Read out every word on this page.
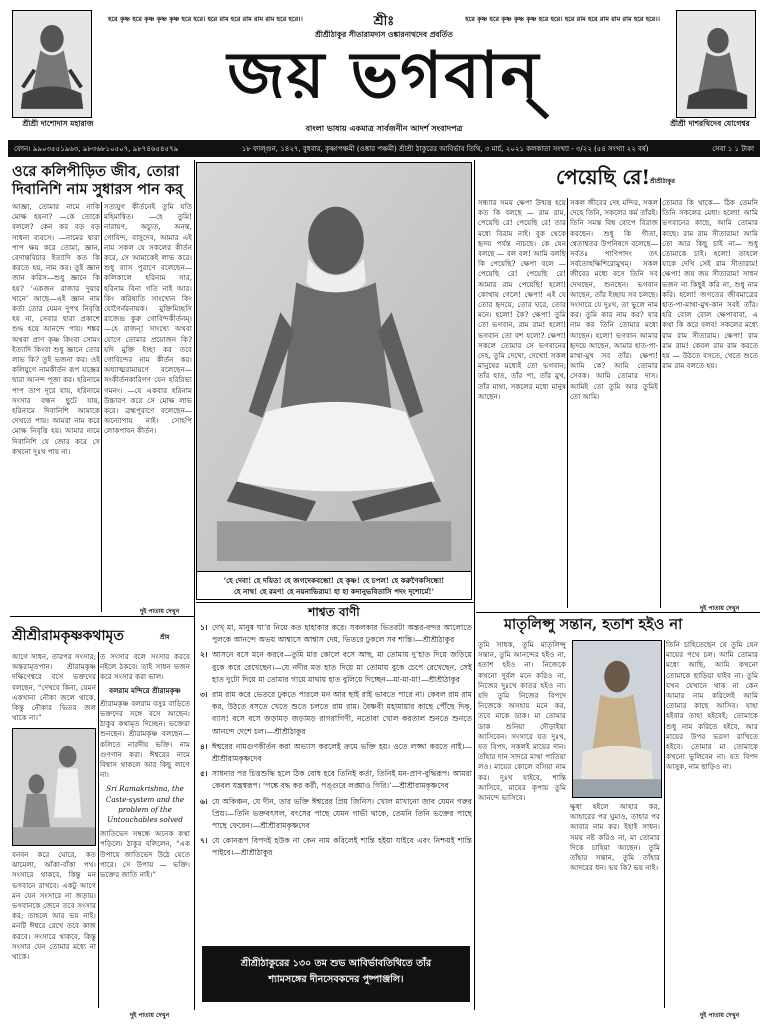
শ্রীশ্রী দাশোদাস মহারাজ	শ্রীশ্রী দাশরথিদেব যোগেশ্বর
হরে কৃষ্ণ হরে কৃষ্ণ কৃষ্ণ কৃষ্ণ হরে হরে। হরে রাম হরে রাম রাম রাম হরে হরে।।	হরে কৃষ্ণ হরে কৃষ্ণ কৃষ্ণ কৃষ্ণ হরে হরে। হরে রাম হরে রাম রাম রাম হরে হরে।।
শ্রীঃ
শ্রীশ্রীঠাকুর সীতারামদাস ওঙ্কারনাথদেব প্রবর্তিত
জয় ভগবান্
বাংলা ভাষায় একমাত্র সার্বজনীন আদর্শ সংবাদপত্র
ফোন। ৯৯০৩৫৫১৯৬৩, ৯৮৩৬৮১০৫০৭, ৯৮৭৪৬৫৪৫৭৯	১৮ ফাল্গুন, ১৪২৭, বুধবার, কৃষ্ণাপঞ্চমী (ওঙ্কার পঞ্চমী) শ্রীশ্রী ঠাকুরের আবির্ভাব তিথি, ৩ মার্চ, ২০২১ কলকাতা সংখ্যা - ৩/২২ (৫৪ সংখ্যা ২২ বর্ষ)	সেবা ১ ১ টাকা
ওরে কলিপীড়িত জীব, তোরা দিবানিশি নাম সুধারস পান কর্
আজ্ঞা, তোমার নামে নাকি মোক্ষ হয়না? —কে তোকে বললে? কেন কর বড় বড় সাধনা ব্যবসে। —নামের দ্বারা পাপ ক্ষয় করে তোমা, জ্ঞান, বেদান্তবিচার ইত্যাদি কত কি করতে হয়, নাম কর। তুই জ্ঞান জান করিস—শুধু জ্ঞানে কি হয়? ‘একজন রাজার দুয়ার খানে’ আছে—এই জ্ঞান নাম কর্তা তোর যেমন দুপথ নিবৃত্তি হয় না, সেবার দ্বারা প্রকাশে শুদ্ধ হয়ে আনন্দে পায়। শঙ্কর অথবা প্রাণ কৃষ্ণ কিংবা সোমং ইত্যাদি কিংবা শুধু জ্ঞানে তোর লাভ কি? তুই ভজনা কর। ওই কলিযুগে নামকীর্তন রূপ যজ্ঞের দ্বারা আনন্দ পূজা কর। হরিনামে পাপ তাপ দূরে যায়, হরিনামে সংসার বন্ধন ছুটে যায়, হরিনামে দিবানিশি আমাকে দেখতে পায়। আমরা নাম করে মোক্ষ নিবৃত্তি হয়। আমার নামে দিবানিশি যে জোর করে সে কখনো দুঃখ পায় না।
সত্যযুগ কীর্তনেই তুমি যতি মহিমান্বিত। —হে তুমি! নারায়ণ, অচ্যুত, অনন্ত, গোবিন্দ, বাসুদেব, আমার এই নাম সকল যে সকলের কীর্তন করে, সে আমাকেই লাভ করে। শুধু ব্যাস পুরাণে বলেছেন—কলিকালে হরিনাম সার, হরিনাম বিনা গতি নাই আর। কিং করিষ্যতি সাংখ্যেন কিং যোগৈর্নরনায়ক। মুক্তিমিচ্ছসি রাজেন্দ্র কুরু গোবিন্দকীর্তনম্। —হে রাজন্! সাংখ্যে অথবা যোগে তোমার প্রয়োজন কি? যদি মুক্তি ইচ্ছা কর তবে গোবিন্দের নাম কীর্তন কর। অধ্যাত্মরামায়ণে বলেছেন— সংকীর্তনকারিগণ যেন হরিরিভ্য গমনং। —যে একবার হরিনাম উচ্চারণ করে সে মোক্ষ লাভ করে। ব্রহ্মপুরাণে বলেছেন— অন্যোপায় নাই। সোহপি লোকপাবন কীর্তন।
দুই পাতায় দেখুন
‘হে দেবা! হে দয়িত! হে জগদেকবন্ধো! হে কৃষ্ণ! হে চপল! হে করুণৈকসিন্ধো!
হে নাথ! হে রমণ! হে নয়নাভিরাম! হা হা কদানুভবিতাসি পদং দৃশোর্মে!’
পেয়েছি রে! শ্রীশ্রীঠাকুর
সন্ধ্যার সময় ক্ষেপা উন্মত্ত হয়ে কত কি বলছে — রাম রাম, পেয়েছি রে! পেয়েছি রে! তার মধ্যে বিরাম নাই। বুক থেকে হৃদয় পর্যন্ত নাচছে। কে যেন বলছে — বল বল! আমি বলছি কি পেয়েছি? ক্ষেপা বলে — পেয়েছি রে! পেয়েছি রে! আমার রাম পেয়েছি! হলো! কোথায় গেলে! ক্ষেপা! এই যে তোর হৃদয়ে, তোর ঘরে, তোর মনে। হলো! কৈ? ক্ষেপা! তুমি তো ভগবান, রাম রাম! হলো! ভগবান তো বশ হলো? ক্ষেপা! সকলে তোমার সে ভগবানের দেহ, তুমি দেখো, দেখো! সকল মানুষের মধ্যেই তো ভগবান; তাঁর হাত, তাঁর পা, তাঁর মুখ, তাঁর মাথা, সকলের মধ্যে মানুষ আছেন।
সকল জীবের দেহ মন্দির, সকল দেহে তিনি, সকলের কর্ম তাঁরই। তিনি সমস্ত বিশ্ব ব্যেপে বিরাজ করছেন। শুধু কি গীতা, শ্বেতাশ্বতর উপনিষদে বলেছে— সর্বতঃ পাণিপাদং তৎ সর্বতোহক্ষিশিরোমুখম্। সকল জীবের মধ্যে বসে তিনি সব দেখছেন, শুনছেন। ভগবান আছেন, তাঁর ইচ্ছায় সব চলছে। সংসারে যে দুঃখ, তা ভুলে নাম কর। তুমি কার নাম কর? যার নাম কর তিনি তোমার মধ্যে আছেন। হলো! ভগবান আমার হৃদয়ে আছেন, আমার হাত-পা-মাথা-মুখ সব তাঁর। ক্ষেপা! আমি কে? আমি তোমার সেবক। আমি তোমার দাস। আমিই তো তুমি আর তুমিই তো আমি।
তোমার কি থাকে— ঠিক তেমনি তিনি সকলের মেধা। হলো! আমি ভগবানের কাছে, আমি তোমার কাছে। রাম রাম সীতারাম! আমি তো আর কিছু চাই না— শুধু তোমাকে চাই। হলো! তাহলে যাকে দেখি সেই রাম সীতারাম! ক্ষেপা! জয় জয় সীতারাম! সাধন ভজন না কিছুই করি না, শুধু নাম করি। হলো! জগতের জীবমাত্রের হাত-পা-মাথা-মুখ-কান সবই তাঁর। হরি বোল বোল ক্ষেপাবাবা, এ কথা কি করে বলব! সকলের মধ্যে রাম রাম সীতারাম। ক্ষেপা! রাম রাম রাম! কেবল রাম রাম করতে হয় — উঠতে বসতে, খেতে শুতে রাম রাম বলতে হয়।
দুই পাতায় দেখুন
শ্রীশ্রীরামকৃষ্ণকথামৃত	শ্রীম
আগে সাধন, তারপর সংসার; অন্তরামৃতপান। শ্রীরামকৃষ্ণ দক্ষিণেশ্বরে বসে ভক্তদের বলছেন, “দেখবে কিনা, যেমন একখানা নৌকা জলে থাকে, কিন্তু নৌকার ভিতর জল থাকে না।”
বনবন করে ঘোরে, কত ঝামেলা, আঁকা-বাঁকা পথ। সংসারে থাকবে, কিন্তু মন ভগবানে রাখবে। একটু আগে মন যেন সংসারে না জড়ায়। ভগবানকে জেনে তবে সংসার কর; তাহলে আর ভয় নাই। মনটি ঈশ্বরে রেখে তবে কাজ করবে। সংসারে থাকবে, কিন্তু সংসার যেন তোমার মধ্যে না থাকে।
ত সংসার বলে সংসার করবে নইলে ঠকবে। তাই সাধন ভজন করে সংসার করা ভাল।
বলরাম মন্দিরে শ্রীরামকৃষ্ণ
শ্রীরামকৃষ্ণ বলরাম বসুর বাড়িতে ভক্তদের সঙ্গে বসে আছেন। ঠাকুর কথামৃত দিচ্ছেন। ভক্তেরা শুনছেন। শ্রীরামকৃষ্ণ বলছেন— কলিতে নারদীয় ভক্তি। নাম গুণগান করা। ঈশ্বরের নামে বিশ্বাস থাকলে আর কিছু লাগে না।
Sri Ramakrishna, the Caste-system and the problem of the Untouchables solved
জাতিভেদ সম্বন্ধে অনেক কথা পড়িলে। ঠাকুর বলিলেন, “এক উপায়ে জাতিভেদ উঠে যেতে পারে। সে উপায় — ভক্তি। ভক্তের জাতি নাই।”
দুই পাতায় দেখুন
শাশ্বত বাণী
১। দেখ্ মা, মানুষ ঘা’র নিয়ে কত হাহাকার করে। সকলকার ভিতরটা অন্তর-বন্দর আলোতে পুলকে আনন্দে অভয় আশ্বাসে আশ্বাস দেয়, ভিতরে ঢুকলে সব শান্তি।—শ্রীশ্রীঠাকুর
২। আসনে বসে মনে করবে—তুমি মার কোলে বসে আছ, মা তোমায় দু’হাত দিয়ে জড়িয়ে বুকে করে রেখেছেন।—যে নদীর মত হাত দিয়ে মা তোমায় বুকে চেপে রেখেছেন, সেই হাত দুটো দিয়ে মা তোমার গায়ে মাথায় হাত বুলিয়ে দিচ্ছেন—মা-মা-মা!—শ্রীশ্রীঠাকুর
৩। রাম রাম করে ভেতরে ঢুকতে পারলে মন আর ছাই রাই ভাবতে পারে না। কেবল রাম রাম কর, উঠতে বসতে খেতে শুতে চলতে রাম রাম। বৈষ্ণবী মহামায়ার কাছে পৌঁছে দিক্, ব্যাস! বসে বসে জড়ামড় জড়ামড় রাগরাগিণী, নতোবা খোল করতাল শুনতে শুনতে আনন্দে দেশে চল।—শ্রীশ্রীঠাকুর
৪। ঈশ্বরের নামগুণকীর্তন করা অভ্যাস করলেই ক্রমে ভক্তি হয়। ওতে লজ্জা করতে নাই।—শ্রীশ্রীরামকৃষ্ণদেব
৫। সাধনার পর চিত্তশুদ্ধি হলে ঠিক বোধ হবে তিনিই কর্তা, তিনিই মন-প্রাণ-বুদ্ধিরূপ। আমরা কেবল যন্ত্রস্বরূপ। ‘পঙ্কে বদ্ধ কর কর্রী, পঙ্গুরে লঙ্ঘাও গিরি।’—শ্রীশ্রীরামকৃষ্ণদেব
৬। যে অকিঞ্চন, যে দীন, তার ভক্তি ঈশ্বরের প্রিয় জিনিস। খোল মাখানো জাব যেমন গরুর প্রিয়।—তিনি ভক্তবৎসল, বৎসের পাছে যেমন গাভী থাকে, তেমনি তিনি ভক্তের পাছে পাছে ফেরেন।—শ্রীশ্রীরামকৃষ্ণদেব
৭। যে কোনরূপ বিপদই হউক না কেন নাম করিলেই শান্তি হইয়া যাইবে এবং নিশ্চয়ই শান্তি পাইবে।—শ্রীশ্রীঠাকুর
শ্রীশ্রীঠাকুরের ১৩০ তম শুভ আবির্ভাবতিথিতে তাঁর
শ্যামসঙ্গের দীনসেবকদের পুষ্পাঞ্জলি।
মাতৃলিপ্সু সন্তান, হতাশ হইও না
তুমি সাধক, তুমি মাতৃলিপ্সু সন্তান, তুমি আনন্দের হইও না, হতাশ হইও না। নিজেকে কখনো দুর্বল মনে করিও না, নিজের দুঃখে কাতর হইও না। যদি তুমি নিজের বিপদে নিজেকে অসহায় মনে কর, তবে মাকে ডাক। মা তোমার ডাক শুনিয়া দৌড়াইয়া আসিবেন। সংসারে যত দুঃখ, যত বিপদ, সকলই মায়ের দান। তাঁহার দান সাদরে মাথা পাতিয়া লও। মায়ের কোলে বসিয়া নাম কর। দুঃখ যাইবে, শান্তি আসিবে, মায়ের কৃপায় তুমি আনন্দে ভাসিবে।
ক্ষুধা হইলে আহার কর, আহারের পর ঘুমাও, তাহার পর আবার নাম কর। ইহাই সাধন। সময় নষ্ট করিও না, মা তোমার দিকে চাহিয়া আছেন। তুমি তাঁহার সন্তান, তুমি তাঁহার আদরের ধন। ভয় কি? ভয় নাই।
তিনি চাহিতেছেন যে তুমি যেন মায়ের পথে চল। আমি তোমার মধ্যে আছি, আমি কখনো তোমাকে ছাড়িয়া যাইব না। তুমি যখন যেখানে থাক না কেন আমার নাম করিলেই আমি তোমার কাছে আসিব। যাহা হইবার তাহা হইবেই; তোমাকে শুধু নাম করিতে হইবে, আর মায়ের উপর ভরসা রাখিতে হইবে। তোমার মা তোমাকে কখনো ভুলিবেন না। যত বিপদ আসুক, নাম ছাড়িও না।
দুই পাতায় দেখুন
